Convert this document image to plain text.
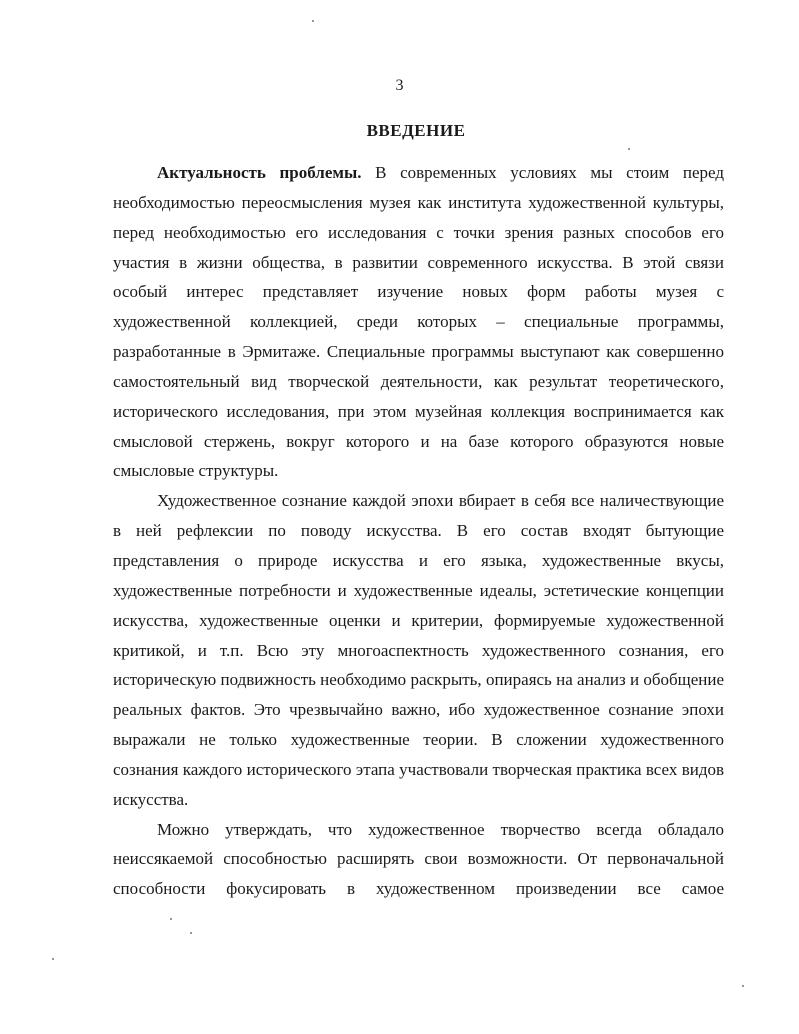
3
ВВЕДЕНИЕ

Актуальность проблемы. В современных условиях мы стоим перед необходимостью переосмысления музея как института художественной культуры, перед необходимостью его исследования с точки зрения разных способов его участия в жизни общества, в развитии современного искусства. В этой связи особый интерес представляет изучение новых форм работы музея с художественной коллекцией, среди которых – специальные программы, разработанные в Эрмитаже. Специальные программы выступают как совершенно самостоятельный вид творческой деятельности, как результат теоретического, исторического исследования, при этом музейная коллекция воспринимается как смысловой стержень, вокруг которого и на базе которого образуются новые смысловые структуры.

Художественное сознание каждой эпохи вбирает в себя все наличествующие в ней рефлексии по поводу искусства. В его состав входят бытующие представления о природе искусства и его языка, художественные вкусы, художественные потребности и художественные идеалы, эстетические концепции искусства, художественные оценки и критерии, формируемые художественной критикой, и т.п. Всю эту многоаспектность художественного сознания, его историческую подвижность необходимо раскрыть, опираясь на анализ и обобщение реальных фактов. Это чрезвычайно важно, ибо художественное сознание эпохи выражали не только художественные теории. В сложении художественного сознания каждого исторического этапа участвовали творческая практика всех видов искусства.

Можно утверждать, что художественное творчество всегда обладало неиссякаемой способностью расширять свои возможности. От первоначальной способности фокусировать в художественном произведении все самое
